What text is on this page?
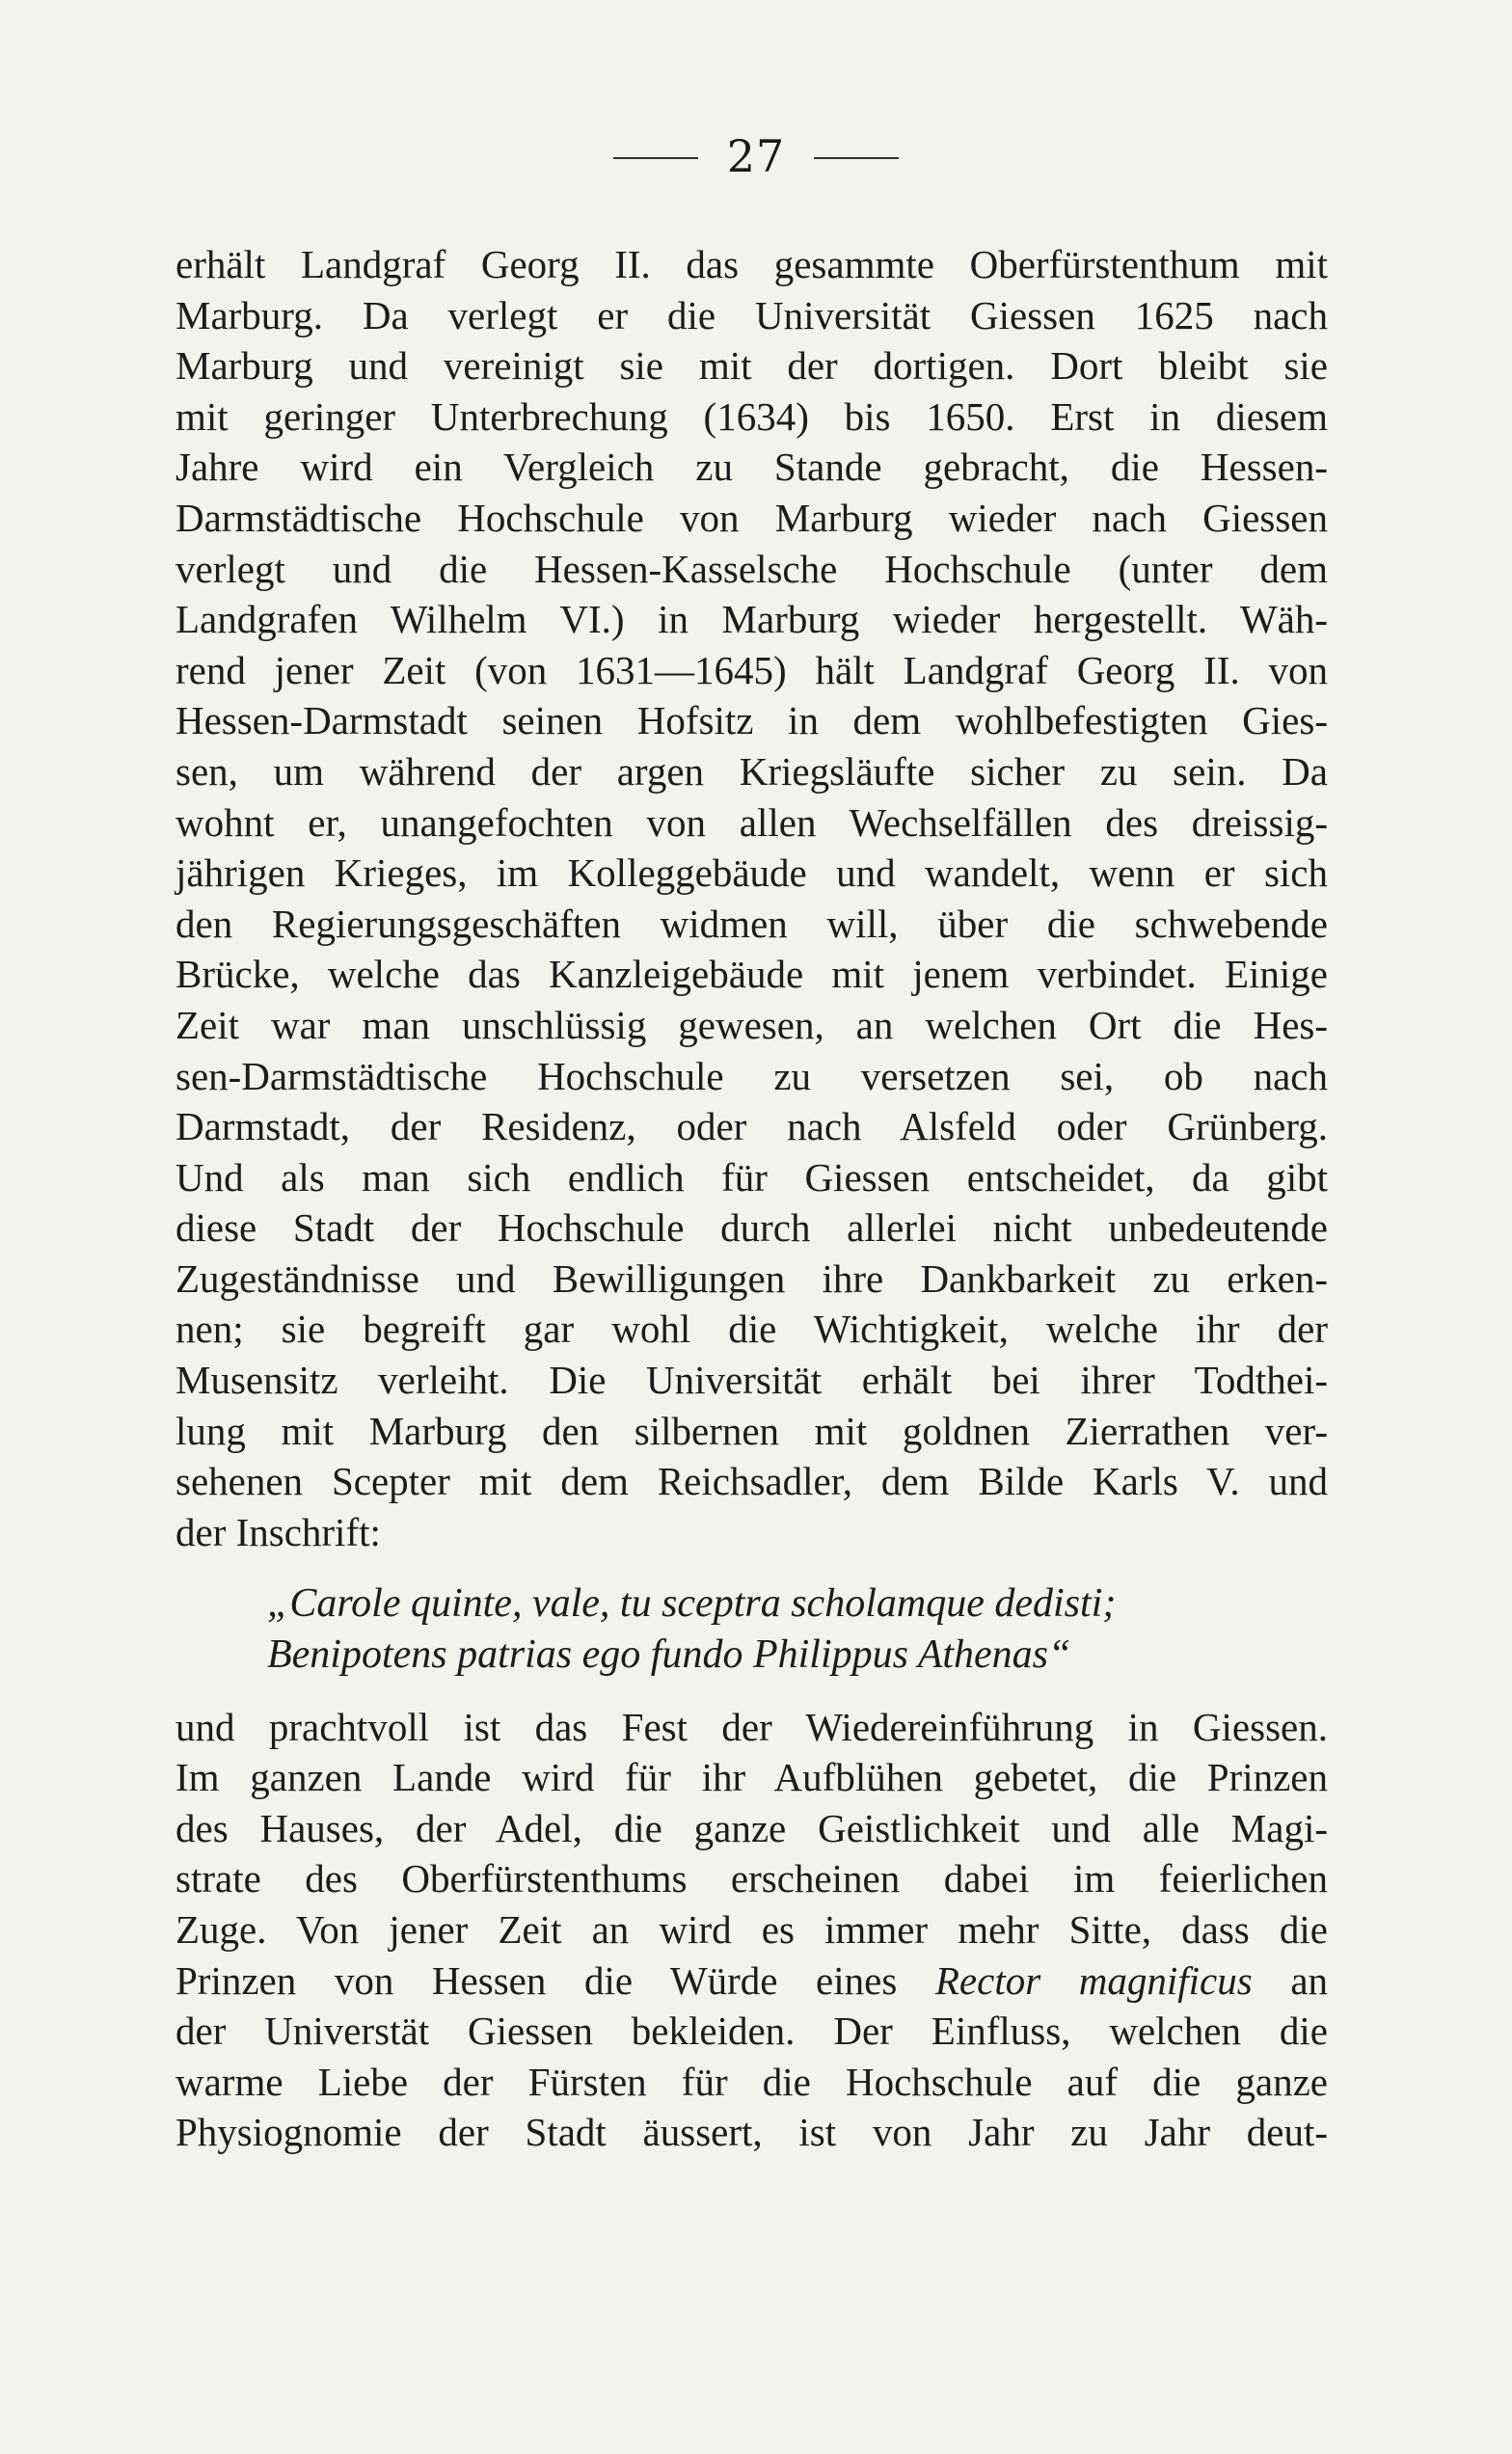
27
erhält Landgraf Georg II. das gesammte Oberfürstenthum mit
Marburg. Da verlegt er die Universität Giessen 1625 nach
Marburg und vereinigt sie mit der dortigen. Dort bleibt sie
mit geringer Unterbrechung (1634) bis 1650. Erst in diesem
Jahre wird ein Vergleich zu Stande gebracht, die Hessen-
Darmstädtische Hochschule von Marburg wieder nach Giessen
verlegt und die Hessen-Kasselsche Hochschule (unter dem
Landgrafen Wilhelm VI.) in Marburg wieder hergestellt. Wäh-
rend jener Zeit (von 1631—1645) hält Landgraf Georg II. von
Hessen-Darmstadt seinen Hofsitz in dem wohlbefestigten Gies-
sen, um während der argen Kriegsläufte sicher zu sein. Da
wohnt er, unangefochten von allen Wechselfällen des dreissig-
jährigen Krieges, im Kolleggebäude und wandelt, wenn er sich
den Regierungsgeschäften widmen will, über die schwebende
Brücke, welche das Kanzleigebäude mit jenem verbindet. Einige
Zeit war man unschlüssig gewesen, an welchen Ort die Hes-
sen-Darmstädtische Hochschule zu versetzen sei, ob nach
Darmstadt, der Residenz, oder nach Alsfeld oder Grünberg.
Und als man sich endlich für Giessen entscheidet, da gibt
diese Stadt der Hochschule durch allerlei nicht unbedeutende
Zugeständnisse und Bewilligungen ihre Dankbarkeit zu erken-
nen; sie begreift gar wohl die Wichtigkeit, welche ihr der
Musensitz verleiht. Die Universität erhält bei ihrer Todthei-
lung mit Marburg den silbernen mit goldnen Zierrathen ver-
sehenen Scepter mit dem Reichsadler, dem Bilde Karls V. und
der Inschrift:
„Carole quinte, vale, tu sceptra scholamque dedisti;
Benipotens patrias ego fundo Philippus Athenas“
und prachtvoll ist das Fest der Wiedereinführung in Giessen.
Im ganzen Lande wird für ihr Aufblühen gebetet, die Prinzen
des Hauses, der Adel, die ganze Geistlichkeit und alle Magi-
strate des Oberfürstenthums erscheinen dabei im feierlichen
Zuge. Von jener Zeit an wird es immer mehr Sitte, dass die
Prinzen von Hessen die Würde eines Rector magnificus an
der Universtät Giessen bekleiden. Der Einfluss, welchen die
warme Liebe der Fürsten für die Hochschule auf die ganze
Physiognomie der Stadt äussert, ist von Jahr zu Jahr deut-
